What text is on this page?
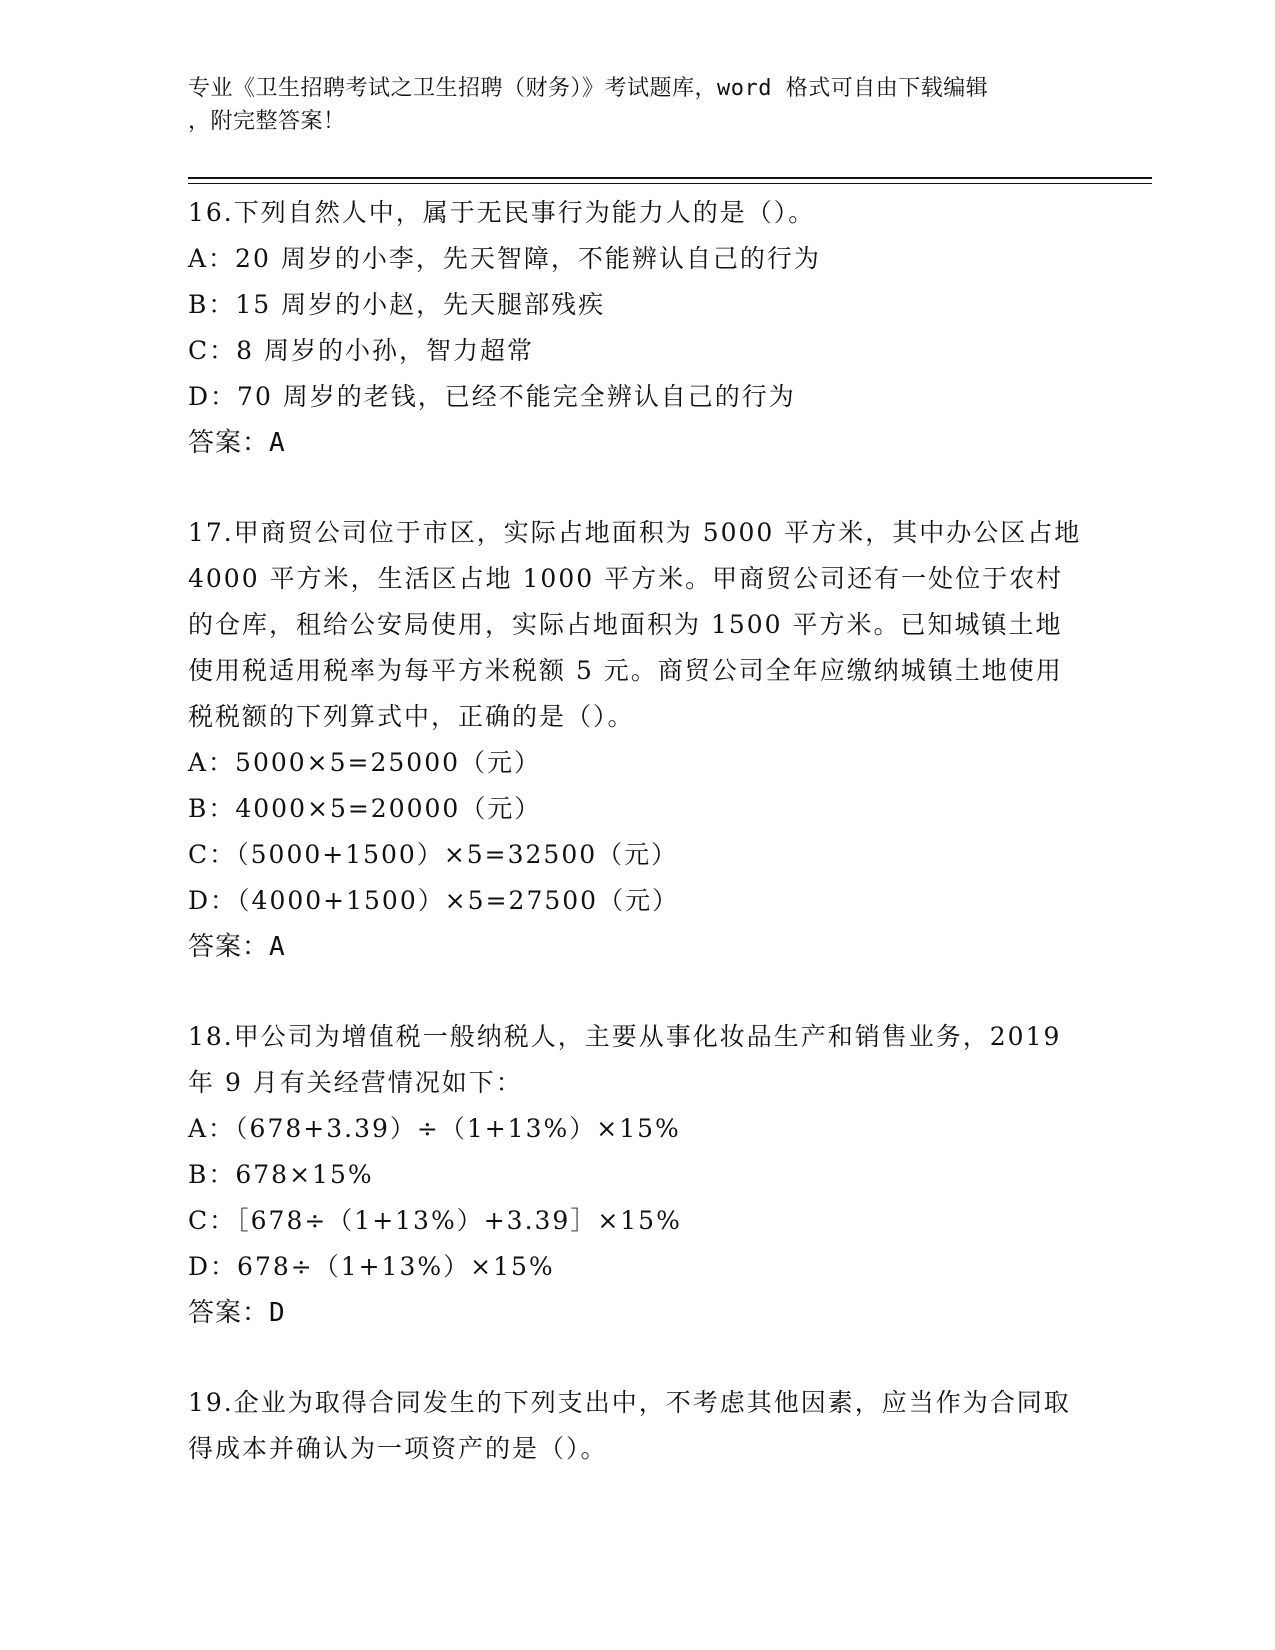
专业《卫生招聘考试之卫生招聘（财务）》考试题库，word 格式可自由下载编辑
，附完整答案！

16.下列自然人中，属于无民事行为能力人的是（）。

A：20 周岁的小李，先天智障，不能辨认自己的行为

B：15 周岁的小赵，先天腿部残疾

C：8 周岁的小孙，智力超常

D：70 周岁的老钱，已经不能完全辨认自己的行为

答案：A

17.甲商贸公司位于市区，实际占地面积为 5000 平方米，其中办公区占地 4000 平方米，生活区占地 1000 平方米。甲商贸公司还有一处位于农村的仓库，租给公安局使用，实际占地面积为 1500 平方米。已知城镇土地使用税适用税率为每平方米税额 5 元。商贸公司全年应缴纳城镇土地使用税税额的下列算式中，正确的是（）。

A：5000×5=25000（元）

B：4000×5=20000（元）

C：（5000+1500）×5=32500（元）

D：（4000+1500）×5=27500（元）

答案：A

18.甲公司为增值税一般纳税人，主要从事化妆品生产和销售业务，2019 年 9 月有关经营情况如下：

A：（678+3.39）÷（1+13%）×15%

B：678×15%

C：［678÷（1+13%）+3.39］×15%

D：678÷（1+13%）×15%

答案：D

19.企业为取得合同发生的下列支出中，不考虑其他因素，应当作为合同取得成本并确认为一项资产的是（）。
